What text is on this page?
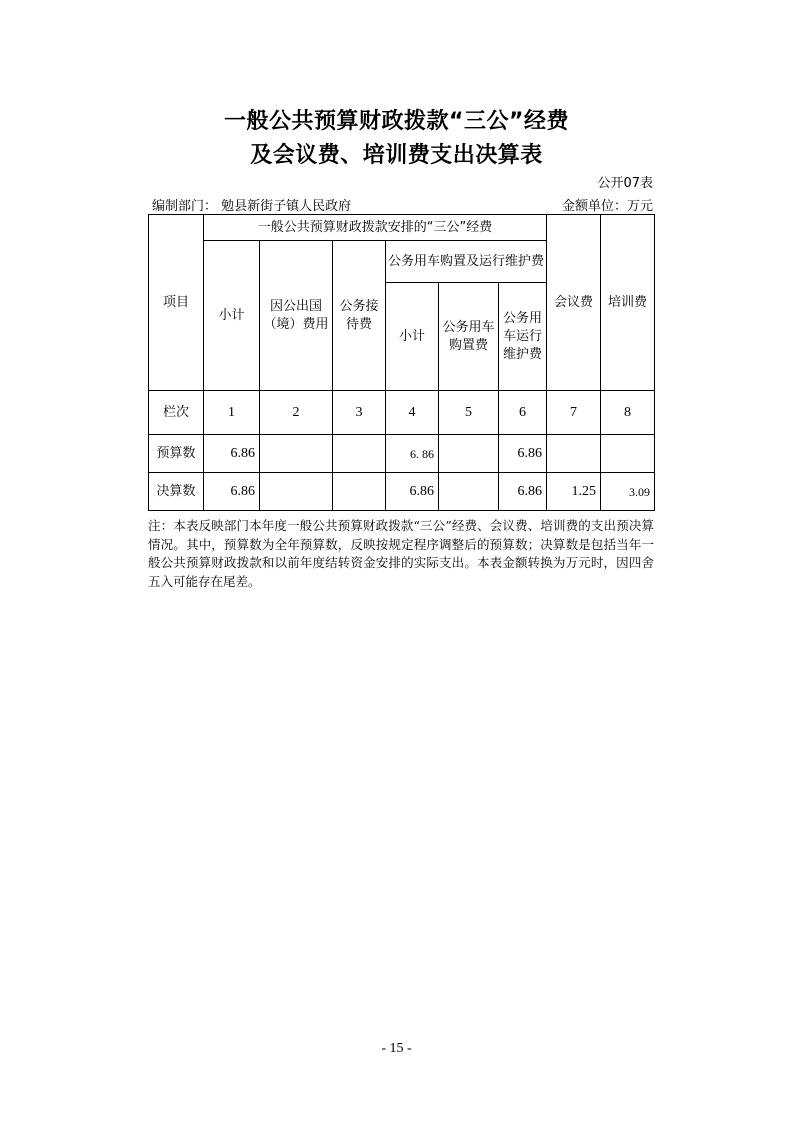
一般公共预算财政拨款“三公”经费
及会议费、培训费支出决算表
公开07表
编制部门： 勉县新街子镇人民政府	金额单位：万元
项目	一般公共预算财政拨款安排的“三公”经费						会议费	培训费
	小计	因公出国（境）费用	公务接待费	公务用车购置及运行维护费				
				小计	公务用车购置费	公务用车运行维护费		

栏次	1	2	3	4	5	6	7	8
预算数	6.86			6. 86		6.86		
决算数	6.86			6.86		6.86	1.25	3.09
注：本表反映部门本年度一般公共预算财政拨款“三公”经费、会议费、培训费的支出预决算情况。其中，预算数为全年预算数，反映按规定程序调整后的预算数；决算数是包括当年一般公共预算财政拨款和以前年度结转资金安排的实际支出。本表金额转换为万元时，因四舍五入可能存在尾差。
- 15 -
